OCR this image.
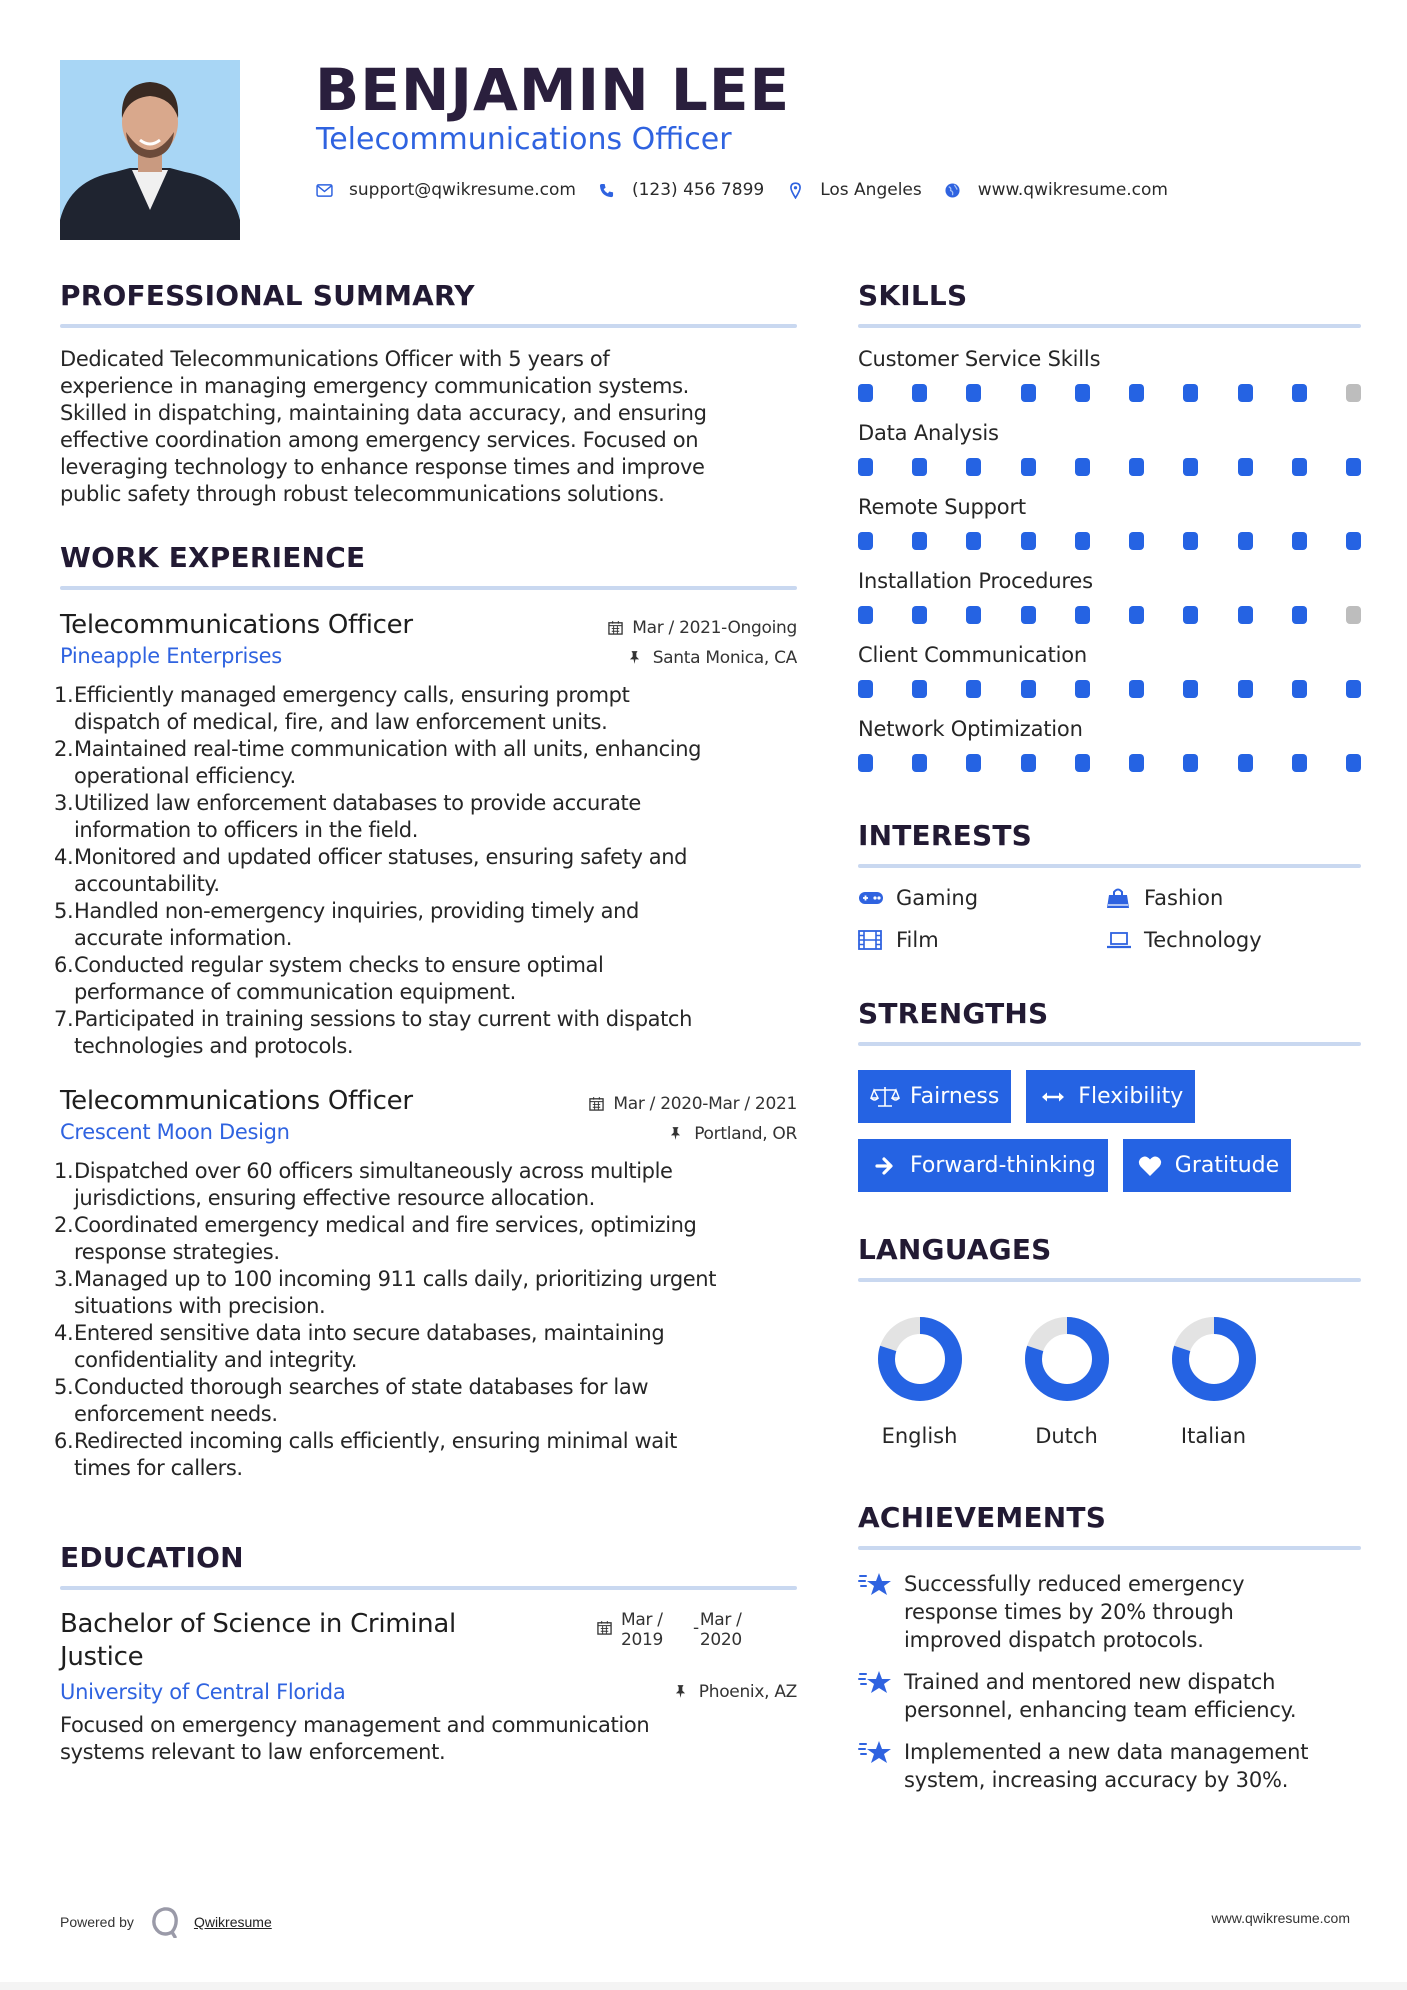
BENJAMIN LEE
Telecommunications Officer
support@qwikresume.com	(123) 456 7899	Los Angeles	www.qwikresume.com
PROFESSIONAL SUMMARY
Dedicated Telecommunications Officer with 5 years of
experience in managing emergency communication systems.
Skilled in dispatching, maintaining data accuracy, and ensuring
effective coordination among emergency services. Focused on
leveraging technology to enhance response times and improve
public safety through robust telecommunications solutions.
WORK EXPERIENCE
Telecommunications Officer	Mar / 2021-Ongoing
Pineapple Enterprises	Santa Monica, CA
1. Efficiently managed emergency calls, ensuring prompt
dispatch of medical, fire, and law enforcement units.
2. Maintained real-time communication with all units, enhancing
operational efficiency.
3. Utilized law enforcement databases to provide accurate
information to officers in the field.
4. Monitored and updated officer statuses, ensuring safety and
accountability.
5. Handled non-emergency inquiries, providing timely and
accurate information.
6. Conducted regular system checks to ensure optimal
performance of communication equipment.
7. Participated in training sessions to stay current with dispatch
technologies and protocols.
Telecommunications Officer	Mar / 2020-Mar / 2021
Crescent Moon Design	Portland, OR
1. Dispatched over 60 officers simultaneously across multiple
jurisdictions, ensuring effective resource allocation.
2. Coordinated emergency medical and fire services, optimizing
response strategies.
3. Managed up to 100 incoming 911 calls daily, prioritizing urgent
situations with precision.
4. Entered sensitive data into secure databases, maintaining
confidentiality and integrity.
5. Conducted thorough searches of state databases for law
enforcement needs.
6. Redirected incoming calls efficiently, ensuring minimal wait
times for callers.
EDUCATION
Bachelor of Science in Criminal
Justice
Mar /
2019
- Mar /
2020
University of Central Florida	Phoenix, AZ
Focused on emergency management and communication
systems relevant to law enforcement.
SKILLS
Customer Service Skills
Data Analysis
Remote Support
Installation Procedures
Client Communication
Network Optimization
INTERESTS
Gaming	Fashion
Film	Technology
STRENGTHS
Fairness	Flexibility
Forward-thinking	Gratitude
LANGUAGES
English	Dutch	Italian
ACHIEVEMENTS
Successfully reduced emergency
response times by 20% through
improved dispatch protocols.
Trained and mentored new dispatch
personnel, enhancing team efficiency.
Implemented a new data management
system, increasing accuracy by 30%.
Powered by	Qwikresume	www.qwikresume.com
